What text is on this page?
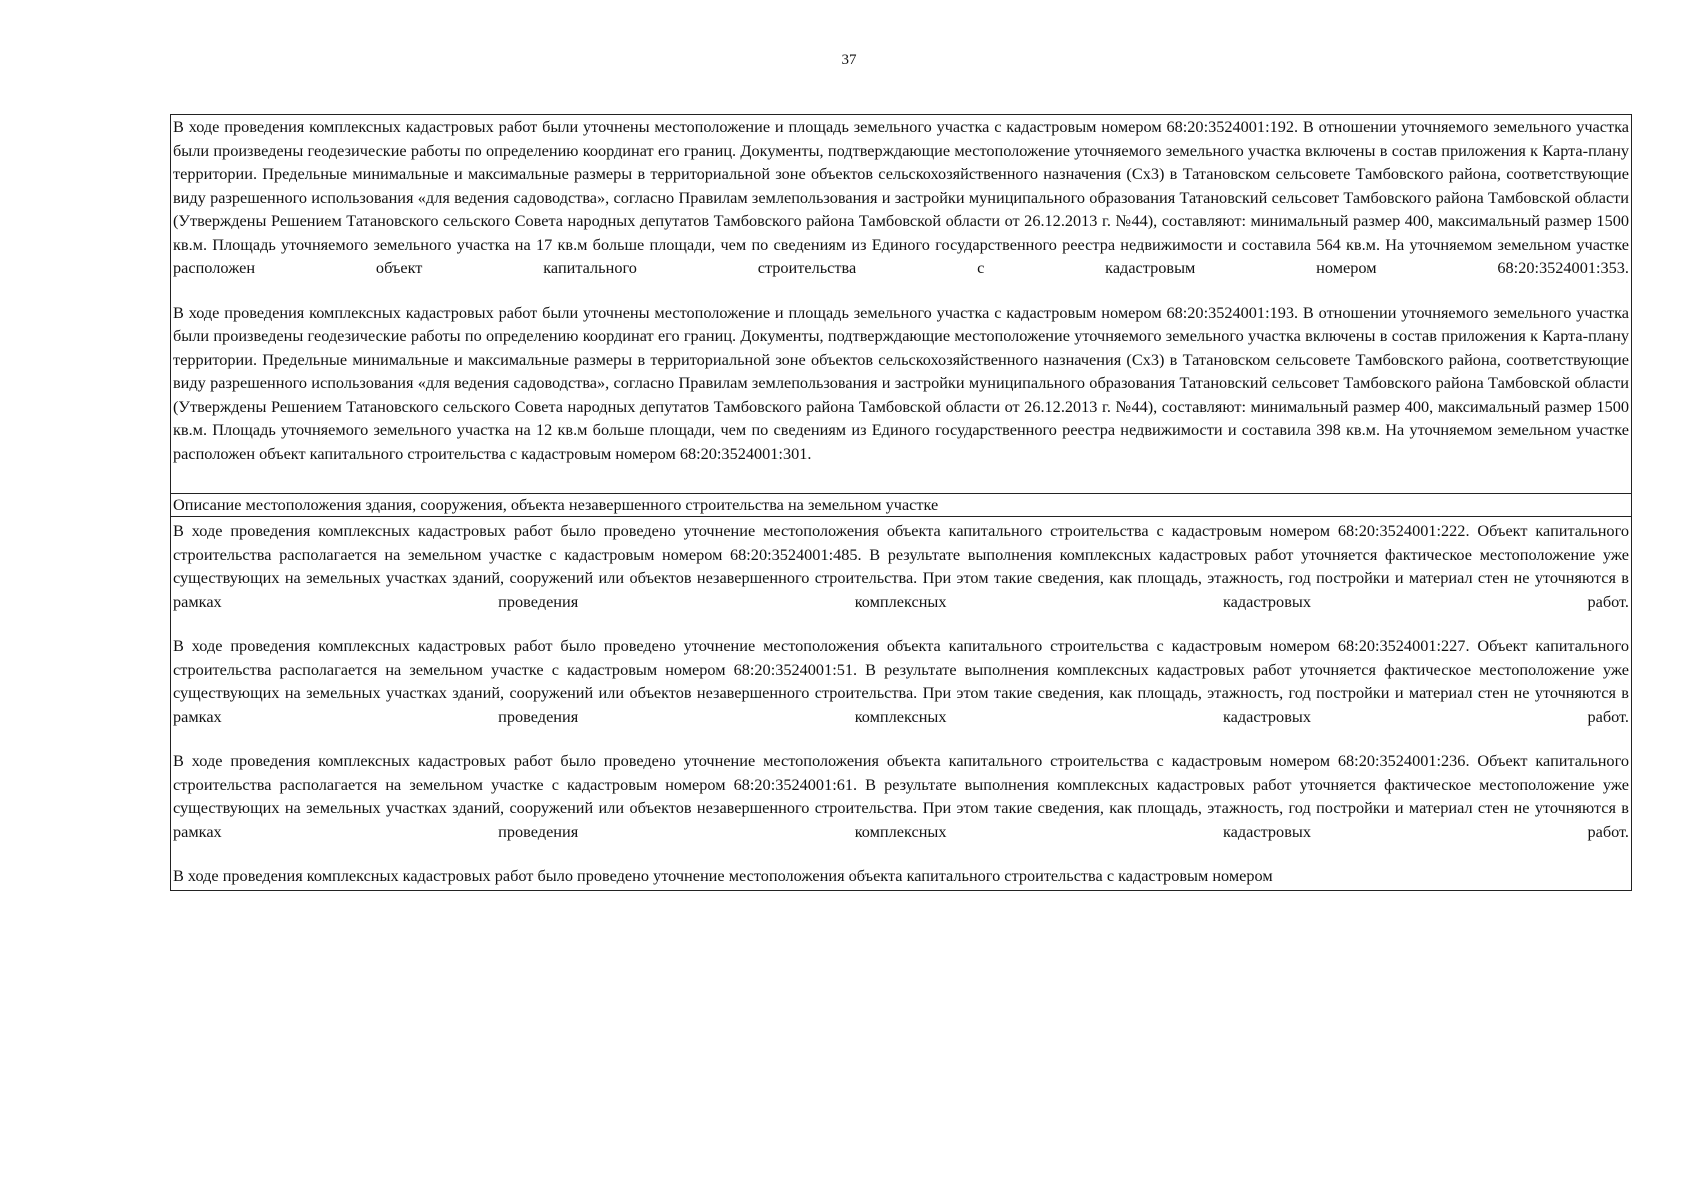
37

В ходе проведения комплексных кадастровых работ были уточнены местоположение и площадь земельного участка с кадастровым номером 68:20:3524001:192. В отношении уточняемого земельного участка были произведены геодезические работы по определению координат его границ. Документы, подтверждающие местоположение уточняемого земельного участка включены в состав приложения к Карта-плану территории. Предельные минимальные и максимальные размеры в территориальной зоне объектов сельскохозяйственного назначения (Сх3) в Татановском сельсовете Тамбовского района, соответствующие виду разрешенного использования «для ведения садоводства», согласно Правилам землепользования и застройки муниципального образования Татановский сельсовет Тамбовского района Тамбовской области (Утверждены Решением Татановского сельского Совета народных депутатов Тамбовского района Тамбовской области от 26.12.2013 г. №44), составляют: минимальный размер 400, максимальный размер 1500 кв.м. Площадь уточняемого земельного участка на 17 кв.м больше площади, чем по сведениям из Единого государственного реестра недвижимости и составила 564 кв.м. На уточняемом земельном участке расположен объект капитального строительства с кадастровым номером 68:20:3524001:353.

В ходе проведения комплексных кадастровых работ были уточнены местоположение и площадь земельного участка с кадастровым номером 68:20:3524001:193. В отношении уточняемого земельного участка были произведены геодезические работы по определению координат его границ. Документы, подтверждающие местоположение уточняемого земельного участка включены в состав приложения к Карта-плану территории. Предельные минимальные и максимальные размеры в территориальной зоне объектов сельскохозяйственного назначения (Сх3) в Татановском сельсовете Тамбовского района, соответствующие виду разрешенного использования «для ведения садоводства», согласно Правилам землепользования и застройки муниципального образования Татановский сельсовет Тамбовского района Тамбовской области (Утверждены Решением Татановского сельского Совета народных депутатов Тамбовского района Тамбовской области от 26.12.2013 г. №44), составляют: минимальный размер 400, максимальный размер 1500 кв.м. Площадь уточняемого земельного участка на 12 кв.м больше площади, чем по сведениям из Единого государственного реестра недвижимости и составила 398 кв.м. На уточняемом земельном участке расположен объект капитального строительства с кадастровым номером 68:20:3524001:301.

Описание местоположения здания, сооружения, объекта незавершенного строительства на земельном участке

В ходе проведения комплексных кадастровых работ было проведено уточнение местоположения объекта капитального строительства с кадастровым номером 68:20:3524001:222. Объект капитального строительства располагается на земельном участке с кадастровым номером 68:20:3524001:485. В результате выполнения комплексных кадастровых работ уточняется фактическое местоположение уже существующих на земельных участках зданий, сооружений или объектов незавершенного строительства. При этом такие сведения, как площадь, этажность, год постройки и материал стен не уточняются в рамках проведения комплексных кадастровых работ.

В ходе проведения комплексных кадастровых работ было проведено уточнение местоположения объекта капитального строительства с кадастровым номером 68:20:3524001:227. Объект капитального строительства располагается на земельном участке с кадастровым номером 68:20:3524001:51. В результате выполнения комплексных кадастровых работ уточняется фактическое местоположение уже существующих на земельных участках зданий, сооружений или объектов незавершенного строительства. При этом такие сведения, как площадь, этажность, год постройки и материал стен не уточняются в рамках проведения комплексных кадастровых работ.

В ходе проведения комплексных кадастровых работ было проведено уточнение местоположения объекта капитального строительства с кадастровым номером 68:20:3524001:236. Объект капитального строительства располагается на земельном участке с кадастровым номером 68:20:3524001:61. В результате выполнения комплексных кадастровых работ уточняется фактическое местоположение уже существующих на земельных участках зданий, сооружений или объектов незавершенного строительства. При этом такие сведения, как площадь, этажность, год постройки и материал стен не уточняются в рамках проведения комплексных кадастровых работ.

В ходе проведения комплексных кадастровых работ было проведено уточнение местоположения объекта капитального строительства с кадастровым номером
